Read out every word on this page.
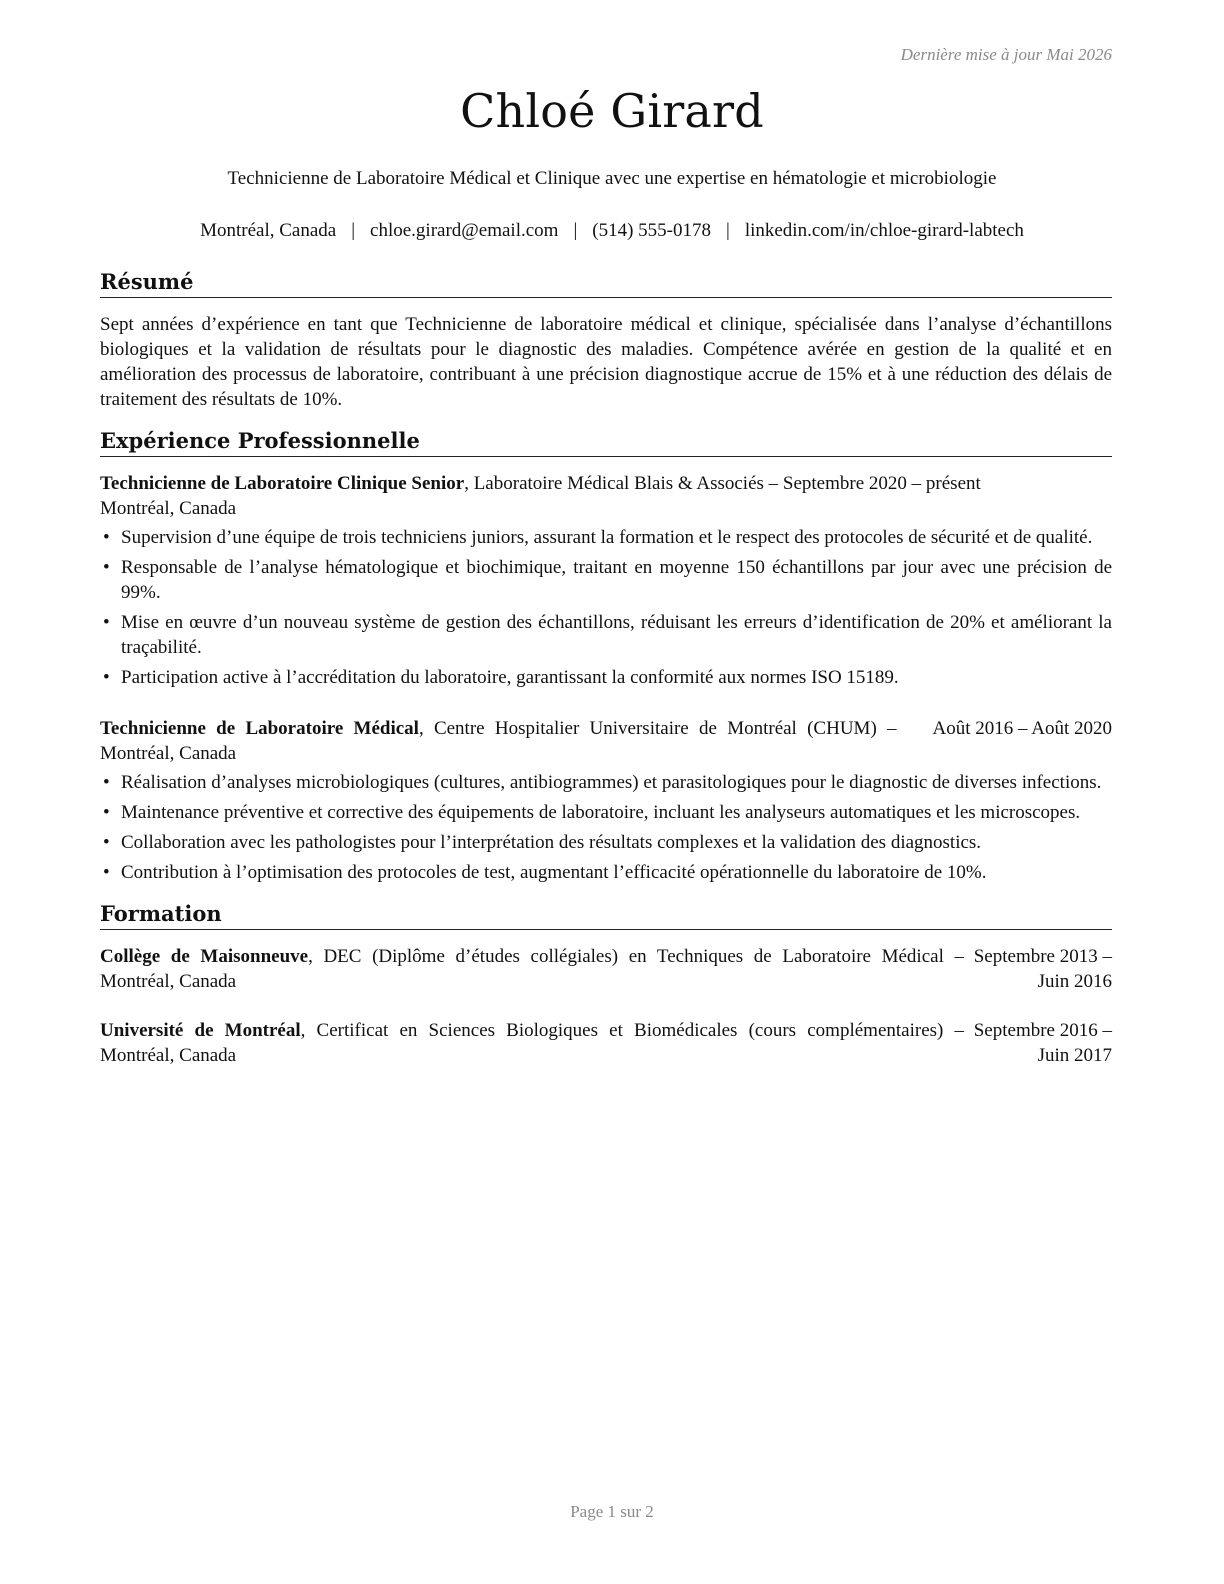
Dernière mise à jour Mai 2026
Chloé Girard
Technicienne de Laboratoire Médical et Clinique avec une expertise en hématologie et microbiologie
Montréal, Canada | chloe.girard@email.com | (514) 555-0178 | linkedin.com/in/chloe-girard-labtech
Résumé

Sept années d’expérience en tant que Technicienne de laboratoire médical et clinique, spécialisée dans l’analyse d’échantillons biologiques et la validation de résultats pour le diagnostic des maladies. Compétence avérée en gestion de la qualité et en amélioration des processus de laboratoire, contribuant à une précision diagnostique accrue de 15% et à une réduction des délais de traitement des résultats de 10%.

Expérience Professionnelle
Technicienne de Laboratoire Clinique Senior, Laboratoire Médical Blais & Associés – Septembre 2020 – présent
Montréal, Canada
• Supervision d’une équipe de trois techniciens juniors, assurant la formation et le respect des protocoles de sécurité et de qualité.
• Responsable de l’analyse hématologique et biochimique, traitant en moyenne 150 échantillons par jour avec une précision de 99%.
• Mise en œuvre d’un nouveau système de gestion des échantillons, réduisant les erreurs d’identification de 20% et améliorant la traçabilité.
• Participation active à l’accréditation du laboratoire, garantissant la conformité aux normes ISO 15189.
Technicienne de Laboratoire Médical, Centre Hospitalier Universitaire de Montréal (CHUM) – Montréal, Canada
Août 2016 – Août 2020
• Réalisation d’analyses microbiologiques (cultures, antibiogrammes) et parasitologiques pour le diagnostic de diverses infections.
• Maintenance préventive et corrective des équipements de laboratoire, incluant les analyseurs automatiques et les microscopes.
• Collaboration avec les pathologistes pour l’interprétation des résultats complexes et la validation des diagnostics.
• Contribution à l’optimisation des protocoles de test, augmentant l’efficacité opérationnelle du laboratoire de 10%.
Formation
Collège de Maisonneuve, DEC (Diplôme d’études collégiales) en Techniques de Laboratoire Médical – Montréal, Canada
Septembre 2013 – Juin 2016
Université de Montréal, Certificat en Sciences Biologiques et Biomédicales (cours complémentaires) – Montréal, Canada
Septembre 2016 – Juin 2017
Page 1 sur 2
